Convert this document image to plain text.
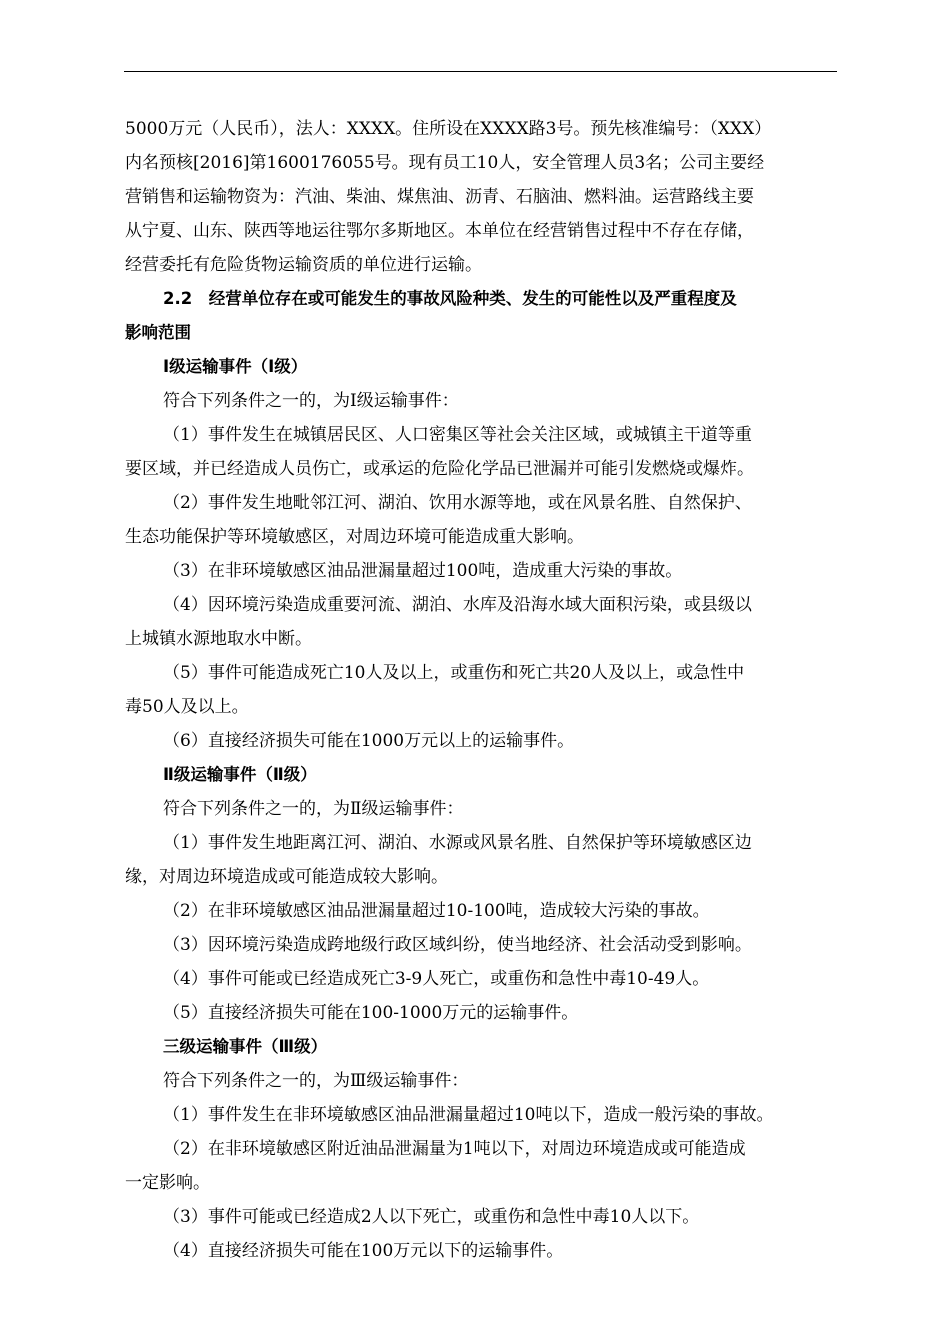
5000万元（人民币），法人：XXXX。住所设在XXXX路3号。预先核准编号：（XXX）
内名预核[2016]第1600176055号。现有员工10人，安全管理人员3名；公司主要经
营销售和运输物资为：汽油、柴油、煤焦油、沥青、石脑油、燃料油。运营路线主要
从宁夏、山东、陕西等地运往鄂尔多斯地区。本单位在经营销售过程中不存在存储，
经营委托有危险货物运输资质的单位进行运输。

2.2　经营单位存在或可能发生的事故风险种类、发生的可能性以及严重程度及
影响范围

Ⅰ级运输事件（Ⅰ级）

符合下列条件之一的，为Ⅰ级运输事件：

（1）事件发生在城镇居民区、人口密集区等社会关注区域，或城镇主干道等重
要区域，并已经造成人员伤亡，或承运的危险化学品已泄漏并可能引发燃烧或爆炸。

（2）事件发生地毗邻江河、湖泊、饮用水源等地，或在风景名胜、自然保护、
生态功能保护等环境敏感区，对周边环境可能造成重大影响。

（3）在非环境敏感区油品泄漏量超过100吨，造成重大污染的事故。

（4）因环境污染造成重要河流、湖泊、水库及沿海水域大面积污染，或县级以
上城镇水源地取水中断。

（5）事件可能造成死亡10人及以上，或重伤和死亡共20人及以上，或急性中
毒50人及以上。

（6）直接经济损失可能在1000万元以上的运输事件。

Ⅱ级运输事件（Ⅱ级）

符合下列条件之一的，为Ⅱ级运输事件：

（1）事件发生地距离江河、湖泊、水源或风景名胜、自然保护等环境敏感区边
缘，对周边环境造成或可能造成较大影响。

（2）在非环境敏感区油品泄漏量超过10-100吨，造成较大污染的事故。

（3）因环境污染造成跨地级行政区域纠纷，使当地经济、社会活动受到影响。

（4）事件可能或已经造成死亡3-9人死亡，或重伤和急性中毒10-49人。

（5）直接经济损失可能在100-1000万元的运输事件。

三级运输事件（Ⅲ级）

符合下列条件之一的，为Ⅲ级运输事件：

（1）事件发生在非环境敏感区油品泄漏量超过10吨以下，造成一般污染的事故。

（2）在非环境敏感区附近油品泄漏量为1吨以下，对周边环境造成或可能造成
一定影响。

（3）事件可能或已经造成2人以下死亡，或重伤和急性中毒10人以下。

（4）直接经济损失可能在100万元以下的运输事件。
